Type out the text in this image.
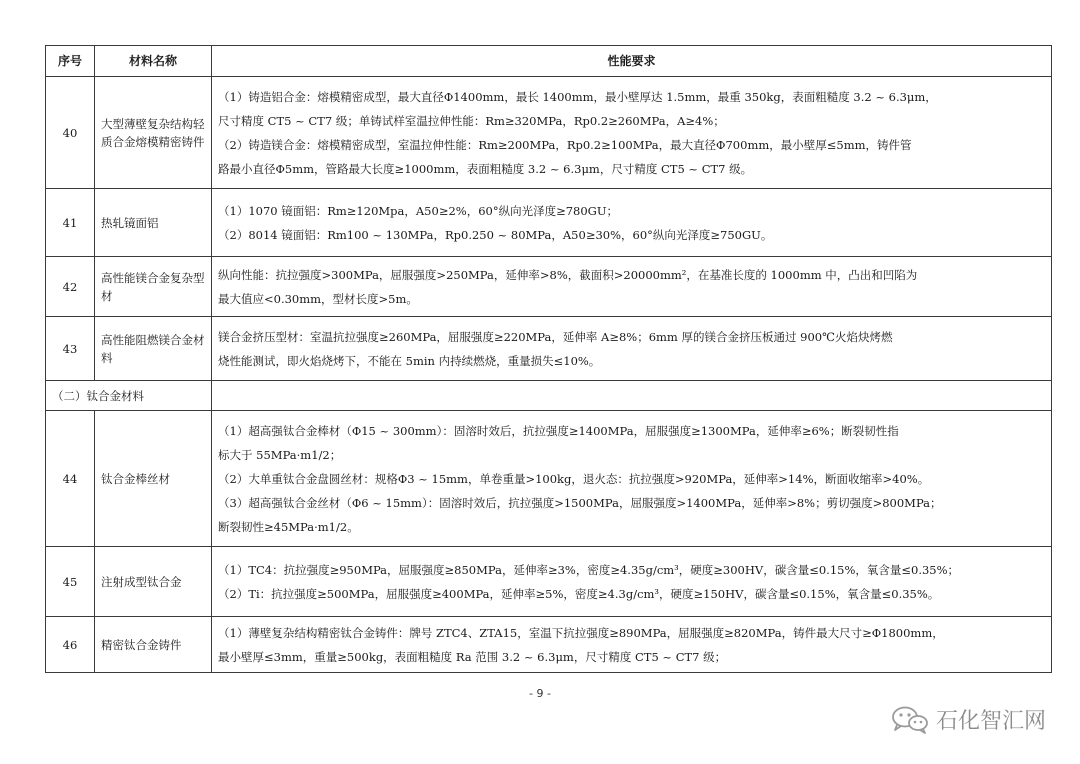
序号	材料名称	性能要求
40	大型薄壁复杂结构轻质合金熔模精密铸件	（1）铸造铝合金：熔模精密成型，最大直径Φ1400mm，最长 1400mm，最小壁厚达 1.5mm，最重 350kg，表面粗糙度 3.2 ~ 6.3μm，
尺寸精度 CT5 ~ CT7 级；单铸试样室温拉伸性能：Rm≥320MPa，Rp0.2≥260MPa，A≥4%；
（2）铸造镁合金：熔模精密成型，室温拉伸性能：Rm≥200MPa，Rp0.2≥100MPa，最大直径Φ700mm，最小壁厚≤5mm，铸件管
路最小直径Φ5mm，管路最大长度≥1000mm，表面粗糙度 3.2 ~ 6.3μm，尺寸精度 CT5 ~ CT7 级。

41	热轧镜面铝	（1）1070 镜面铝：Rm≥120Mpa，A50≥2%，60°纵向光泽度≥780GU；
（2）8014 镜面铝：Rm100 ~ 130MPa，Rp0.250 ~ 80MPa，A50≥30%，60°纵向光泽度≥750GU。

42	高性能镁合金复杂型材	纵向性能：抗拉强度>300MPa，屈服强度>250MPa，延伸率>8%，截面积>20000mm²，在基准长度的 1000mm 中，凸出和凹陷为
最大值应<0.30mm，型材长度>5m。

43	高性能阻燃镁合金材料	镁合金挤压型材：室温抗拉强度≥260MPa，屈服强度≥220MPa，延伸率 A≥8%；6mm 厚的镁合金挤压板通过 900℃火焰炔烤燃
烧性能测试，即火焰烧烤下，不能在 5min 内持续燃烧，重量损失≤10%。

（二）钛合金材料		
44	钛合金棒丝材	（1）超高强钛合金棒材（Φ15 ~ 300mm）：固溶时效后，抗拉强度≥1400MPa，屈服强度≥1300MPa，延伸率≥6%；断裂韧性指
标大于 55MPa·m1/2；
（2）大单重钛合金盘圆丝材：规格Φ3 ~ 15mm，单卷重量>100kg，退火态：抗拉强度>920MPa，延伸率>14%，断面收缩率>40%。
（3）超高强钛合金丝材（Φ6 ~ 15mm）：固溶时效后，抗拉强度>1500MPa，屈服强度>1400MPa，延伸率>8%；剪切强度>800MPa；
断裂韧性≥45MPa·m1/2。

45	注射成型钛合金	（1）TC4：抗拉强度≥950MPa，屈服强度≥850MPa，延伸率≥3%，密度≥4.35g/cm³，硬度≥300HV，碳含量≤0.15%，氧含量≤0.35%；
（2）Ti：抗拉强度≥500MPa，屈服强度≥400MPa，延伸率≥5%，密度≥4.3g/cm³，硬度≥150HV，碳含量≤0.15%，氧含量≤0.35%。

46	精密钛合金铸件	（1）薄壁复杂结构精密钛合金铸件：牌号 ZTC4、ZTA15，室温下抗拉强度≥890MPa，屈服强度≥820MPa，铸件最大尺寸≥Φ1800mm，
最小壁厚≤3mm，重量≥500kg，表面粗糙度 Ra 范围 3.2 ~ 6.3μm，尺寸精度 CT5 ~ CT7 级；
- 9 -
石化智汇网
